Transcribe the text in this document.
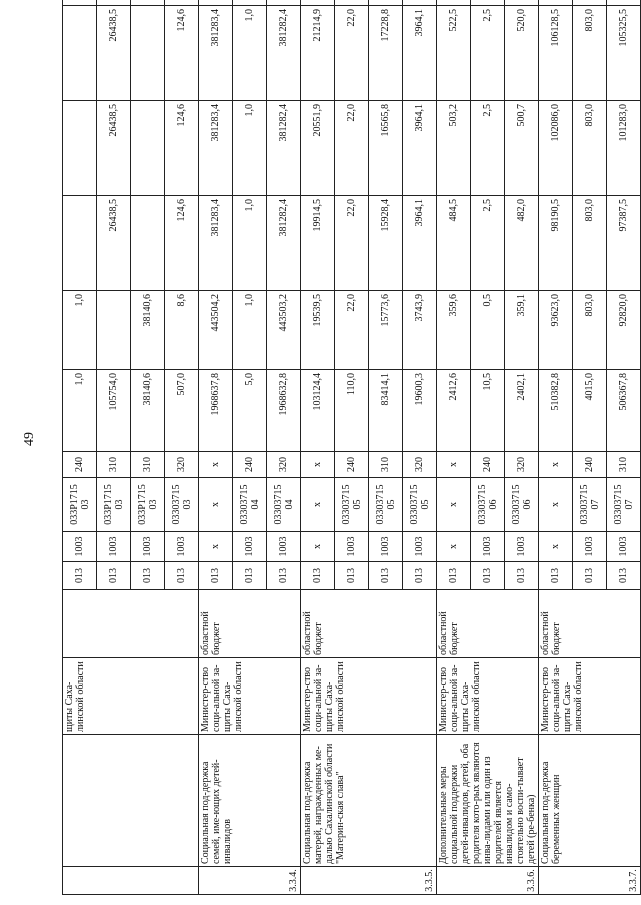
49
		щиты Саха-линской области		013	1003	033P1715 03	240	1,0	1,0				
				013	1003	033P1715 03	310	105754,0		26438,5	26438,5	26438,5	
				013	1003	033P1715 03	310	38140,6	38140,6				
				013	1003	03303715 03	320	507,0	8,6	124,6	124,6	124,6	
3.3.4.	Социальная под-держка семей, име-ющих детей-инвалидов	Министер-ство соци-альной за-щиты Саха-линской области	областной бюджет	013	x	x	x	1968637,8	443504,2	381283,4	381283,4	381283,4	
				013	1003	03303715 04	240	5,0	1,0	1,0	1,0	1,0	
				013	1003	03303715 04	320	1968632,8	443503,2	381282,4	381282,4	381282,4	
3.3.5.	Социальная под-держка матерей, награжденных ме-далью Сахалинской области "Материн-ская слава"	Министер-ство соци-альной за-щиты Саха-линской области	областной бюджет	013	x	x	x	103124,4	19539,5	19914,5	20551,9	21214,9	
				013	1003	03303715 05	240	110,0	22,0	22,0	22,0	22,0	
				013	1003	03303715 05	310	83414,1	15773,6	15928,4	16565,8	17228,8	
				013	1003	03303715 05	320	19600,3	3743,9	3964,1	3964,1	3964,1	
3.3.6.	Дополнительные меры социальной поддержки детей-инвалидов, детей, оба родителя кото-рых являются инва-лидами или один из родителей является инвалидом и само-стоятельно воспи-тывает детей (ре-бенка)	Министер-ство соци-альной за-щиты Саха-линской области	областной бюджет	013	x	x	x	2412,6	359,6	484,5	503,2	522,5	
				013	1003	03303715 06	240	10,5	0,5	2,5	2,5	2,5	
				013	1003	03303715 06	320	2402,1	359,1	482,0	500,7	520,0	
3.3.7.	Социальная под-держка беременных женщин	Министер-ство соци-альной за-щиты Саха-линской области	областной бюджет	013	x	x	x	510382,8	93623,0	98190,5	102086,0	106128,5	
				013	1003	03303715 07	240	4015,0	803,0	803,0	803,0	803,0	
				013	1003	03303715 07	310	506367,8	92820,0	97387,5	101283,0	105325,5	
